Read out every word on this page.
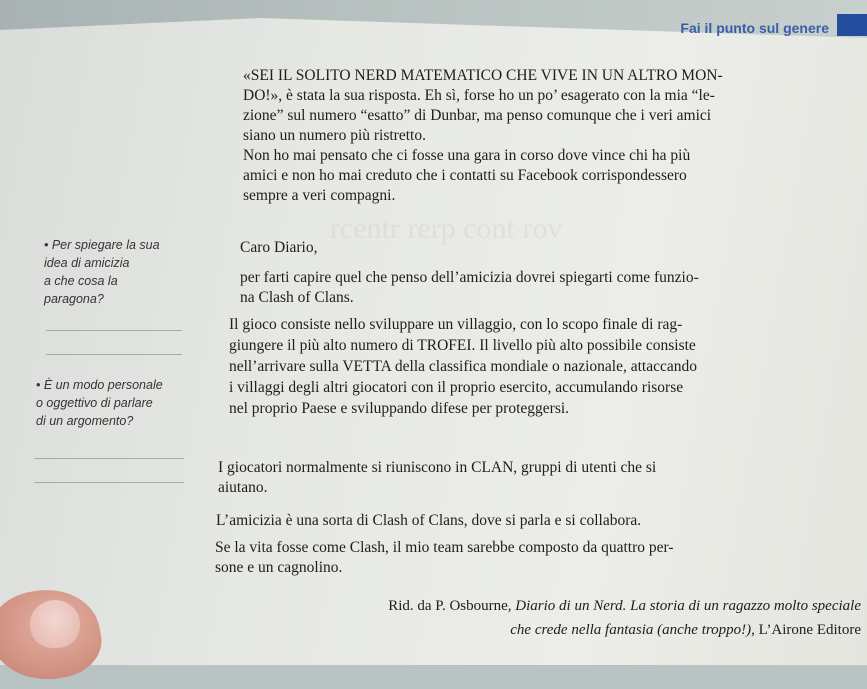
Fai il punto sul genere
rcentr rerp cont rov

«SEI IL SOLITO NERD MATEMATICO CHE VIVE IN UN ALTRO MON-

DO!», è stata la sua risposta. Eh sì, forse ho un po’ esagerato con la mia “le-

zione” sul numero “esatto” di Dunbar, ma penso comunque che i veri amici

siano un numero più ristretto.

Non ho mai pensato che ci fosse una gara in corso dove vince chi ha più

amici e non ho mai creduto che i contatti su Facebook corrispondessero

sempre a veri compagni.

Caro Diario,

per farti capire quel che penso dell’amicizia dovrei spiegarti come funzio-

na Clash of Clans.

Il gioco consiste nello sviluppare un villaggio, con lo scopo finale di rag-

giungere il più alto numero di TROFEI. Il livello più alto possibile consiste

nell’arrivare sulla VETTA della classifica mondiale o nazionale, attaccando

i villaggi degli altri giocatori con il proprio esercito, accumulando risorse

nel proprio Paese e sviluppando difese per proteggersi.

I giocatori normalmente si riuniscono in CLAN, gruppi di utenti che si

aiutano.

L’amicizia è una sorta di Clash of Clans, dove si parla e si collabora.

Se la vita fosse come Clash, il mio team sarebbe composto da quattro per-

sone e un cagnolino.

• Per spiegare la sua
idea di amicizia
a che cosa la
paragona?
• È un modo personale
o oggettivo di parlare
di un argomento?
Rid. da P. Osbourne, Diario di un Nerd. La storia di un ragazzo molto speciale
che crede nella fantasia (anche troppo!), L’Airone Editore
